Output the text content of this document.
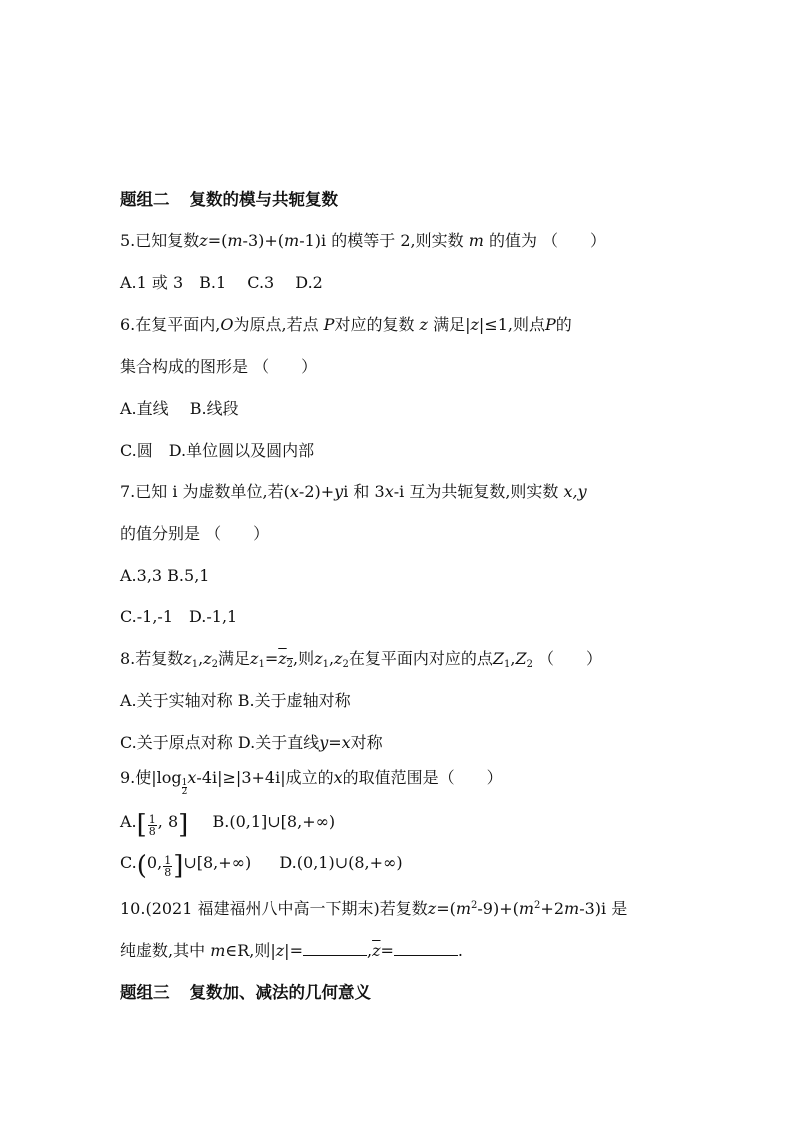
题组二 复数的模与共轭复数
5.已知复数z=(m-3)+(m-1)i 的模等于 2,则实数 m 的值为 （　　）
A.1 或 3　B.1　 C.3　 D.2
6.在复平面内,O为原点,若点 P对应的复数 z 满足|z|≤1,则点P的
集合构成的图形是 （　　）
A.直线　 B.线段
C.圆　D.单位圆以及圆内部
7.已知 i 为虚数单位,若(x-2)+yi 和 3x-i 互为共轭复数,则实数 x,y
的值分别是 （　　）
A.3,3 B.5,1
C.-1,-1　D.-1,1
8.若复数$z_1,z_2$满足$z_1=z_2$,则$z_1,z_2$在复平面内对应的点$Z_1,Z_2$ （　　）
A.关于实轴对称 B.关于虚轴对称
C.关于原点对称 D.关于直线y=x对称
9.使|log
$_{\frac{1}{2}}$
x-4i|≥|3+4i|成立的x的取值范围是（　　）
$A.[ \frac{1}{8}$ , 8] B.(0,1]∪[8,+∞)
C.(0, $\frac{1}{8}$ ]∪[8,+∞) D.(0,1)∪(8,+∞)
10.(2021 福建福州八中高一下期末)若复数$z=(m^2-9)+(m^2+2m-3)i$ 是
纯虚数,其中 m∈R,则|z|=	$,\overline{z}=$	.
题组三 复数加、减法的几何意义
